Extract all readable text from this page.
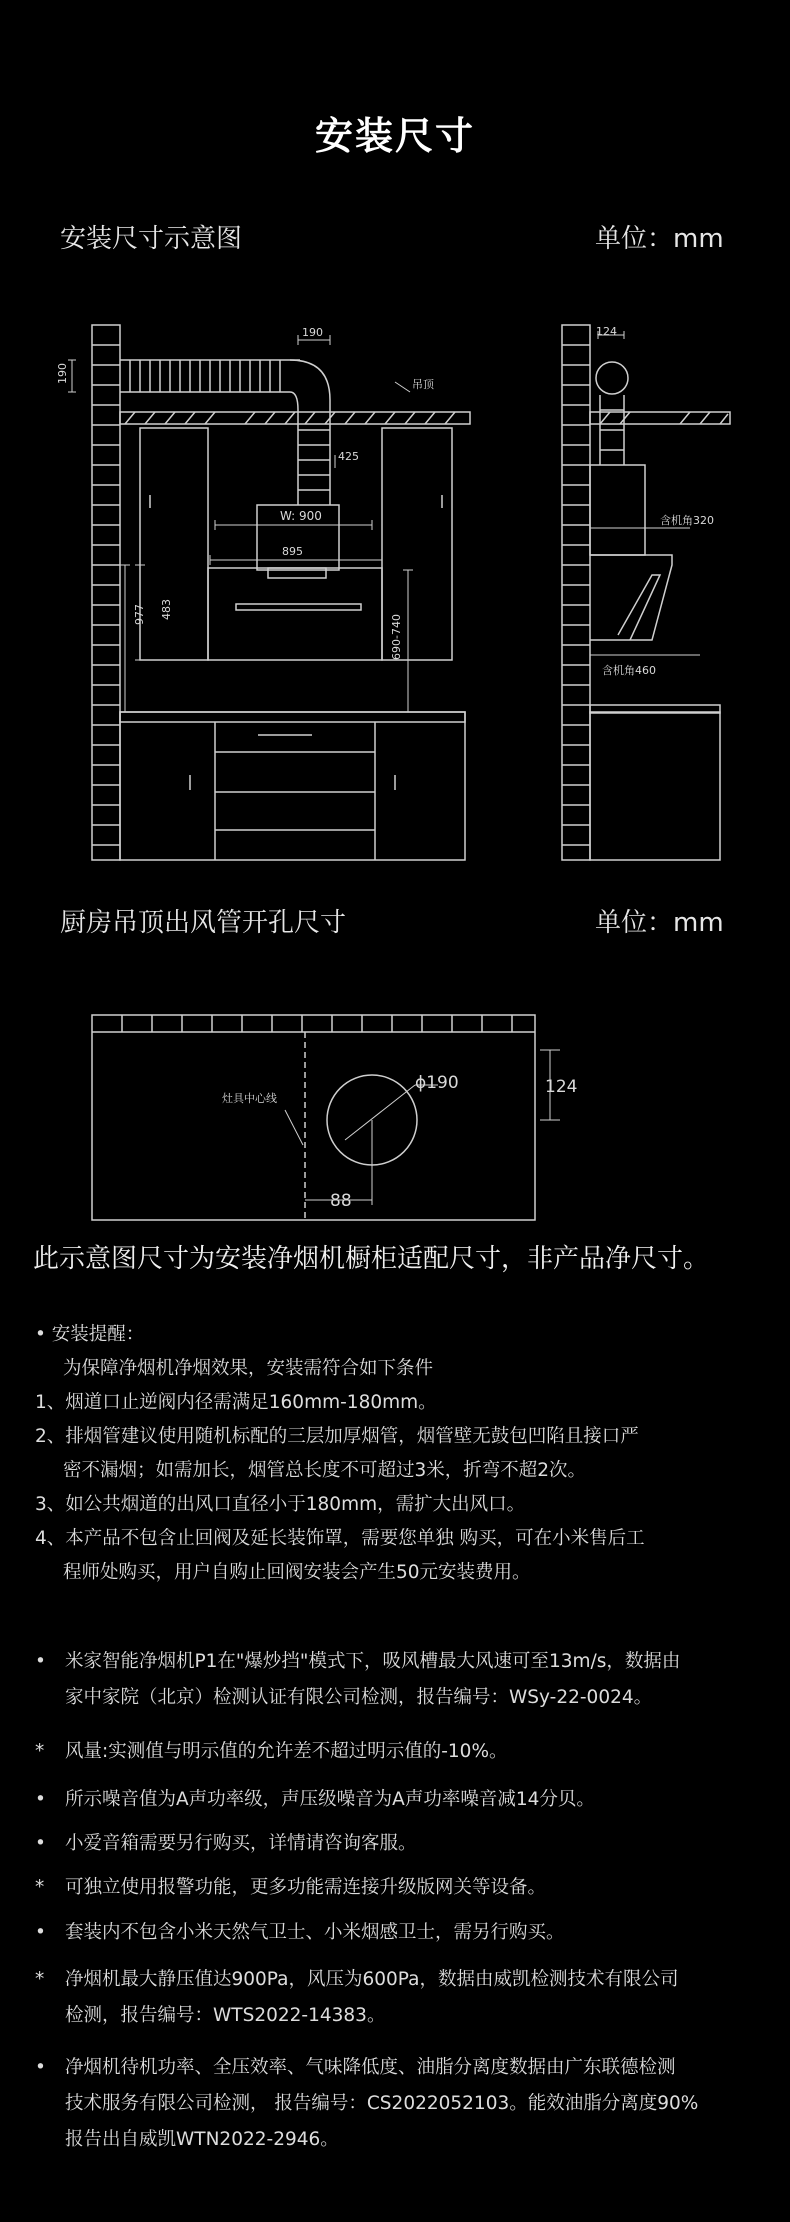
安装尺寸
安装尺寸示意图	单位：mm
190
190
吊顶
425
W: 900
895
977 483
690-740
124
含机角320
含机角460
厨房吊顶出风管开孔尺寸	单位：mm
灶具中心线
ϕ190	124
88
此示意图尺寸为安装净烟机橱柜适配尺寸，非产品净尺寸。
• 安装提醒：
为保障净烟机净烟效果，安装需符合如下条件
1、烟道口止逆阀内径需满足160mm-180mm。
2、排烟管建议使用随机标配的三层加厚烟管，烟管壁无鼓包凹陷且接口严
密不漏烟；如需加长，烟管总长度不可超过3米，折弯不超2次。
3、如公共烟道的出风口直径小于180mm，需扩大出风口。
4、本产品不包含止回阀及延长装饰罩，需要您单独 购买，可在小米售后工
程师处购买，用户自购止回阀安装会产生50元安装费用。
•	米家智能净烟机P1在"爆炒挡"模式下，吸风槽最大风速可至13m/s，数据由
家中家院（北京）检测认证有限公司检测，报告编号：WSy-22-0024。
*	风量:实测值与明示值的允许差不超过明示值的-10%。
•	所示噪音值为A声功率级，声压级噪音为A声功率噪音减14分贝。
•	小爱音箱需要另行购买，详情请咨询客服。
*	可独立使用报警功能，更多功能需连接升级版网关等设备。
•	套装内不包含小米天然气卫士、小米烟感卫士，需另行购买。
*	净烟机最大静压值达900Pa，风压为600Pa，数据由威凯检测技术有限公司
检测，报告编号：WTS2022-14383。
•	净烟机待机功率、全压效率、气味降低度、油脂分离度数据由广东联德检测
技术服务有限公司检测， 报告编号：CS2022052103。能效油脂分离度90%
报告出自威凯WTN2022-2946。
